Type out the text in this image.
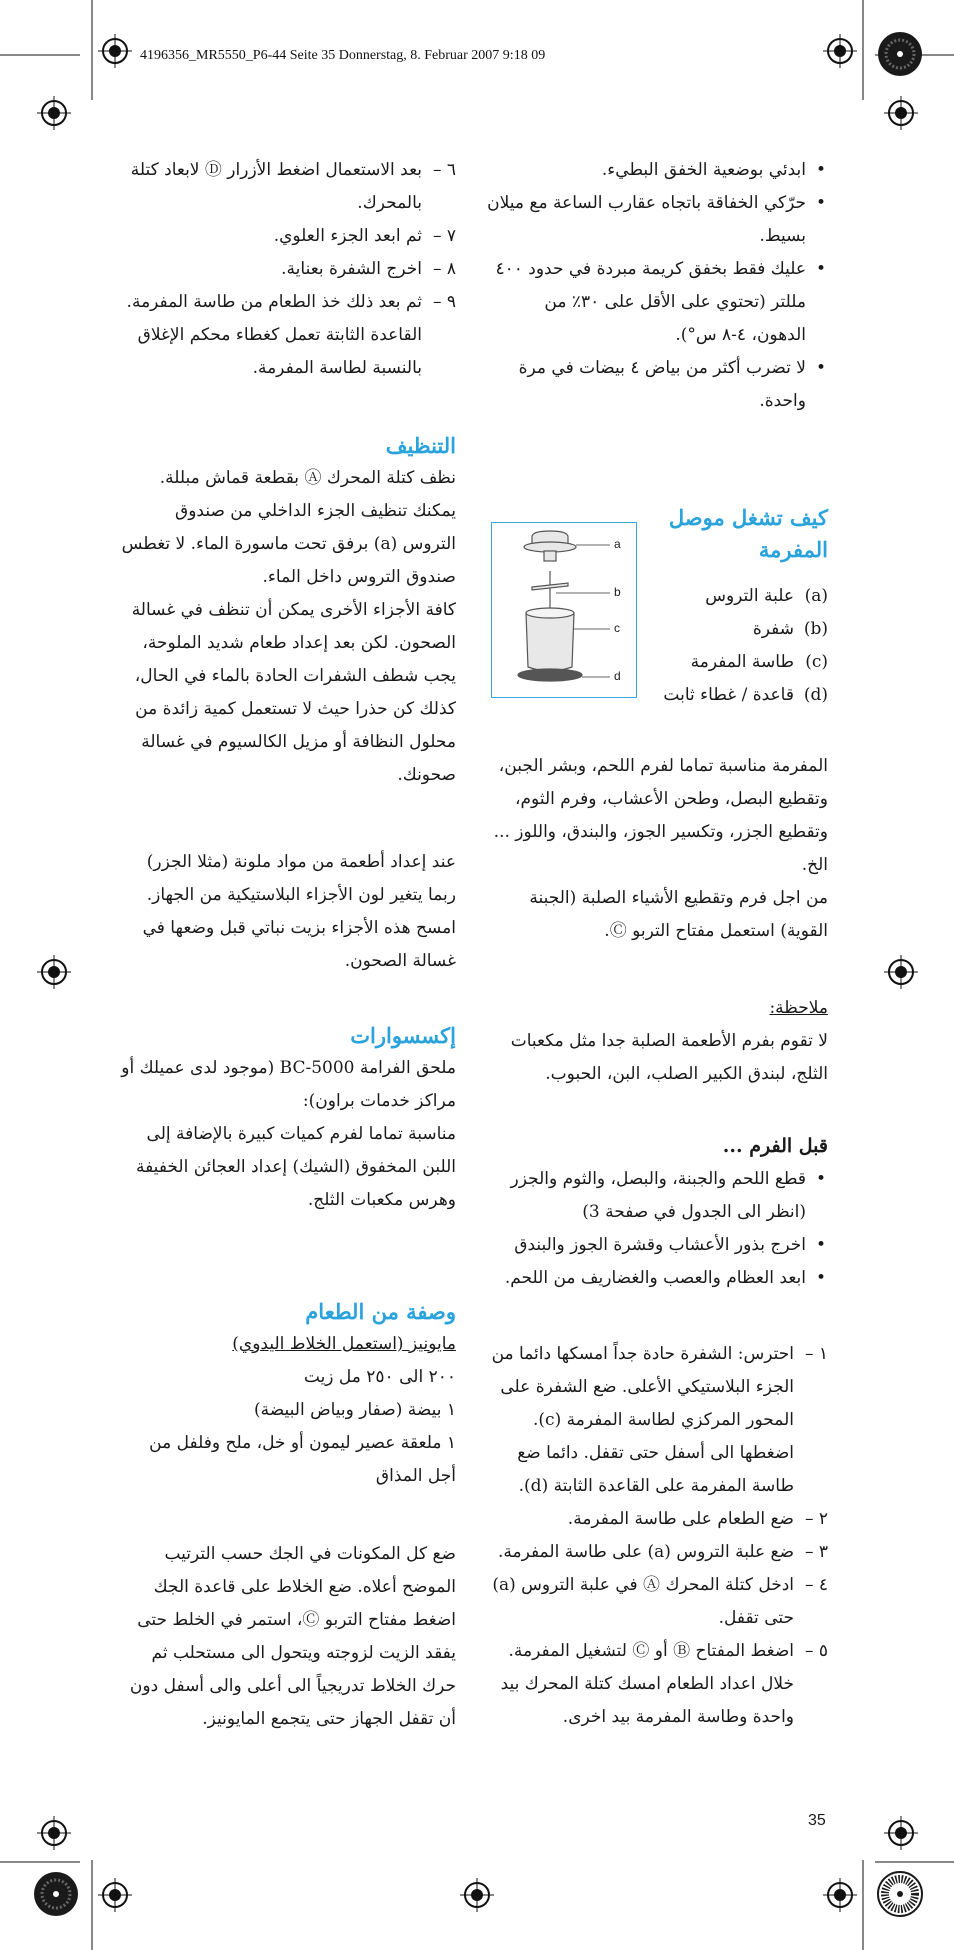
4196356_MR5550_P6-44 Seite 35 Donnerstag, 8. Februar 2007 9:18 09
• ابدئي بوضعية الخفق البطيء.
• حرّكي الخفاقة باتجاه عقارب الساعة مع ميلان بسيط.
• عليك فقط بخفق كريمة مبردة في حدود ٤٠٠ مللتر (تحتوي على الأقل على ٣٠٪ من الدهون، ٤-٨ س°).
• لا تضرب أكثر من بياض ٤ بيضات في مرة واحدة.
كيف تشغل موصل المفرمة
(a)
علبة التروس
(b)
شفرة
(c)
طاسة المفرمة
(d)
قاعدة / غطاء ثابت

المفرمة مناسبة تماما لفرم اللحم، وبشر الجبن، وتقطيع البصل، وطحن الأعشاب، وفرم الثوم، وتقطيع الجزر، وتكسير الجوز، والبندق، واللوز ... الخ.

من اجل فرم وتقطيع الأشياء الصلبة (الجبنة القوية) استعمل مفتاح التربو Ⓒ.

ملاحظة:

لا تقوم بفرم الأطعمة الصلبة جدا مثل مكعبات الثلج، لبندق الكبير الصلب، البن، الحبوب.

قبل الفرم ...

• قطع اللحم والجبنة، والبصل، والثوم والجزر (انظر الى الجدول في صفحة 3)
• اخرج بذور الأعشاب وقشرة الجوز والبندق
• ابعد العظام والعصب والغضاريف من اللحم.
١ –
احترس: الشفرة حادة جداً امسكها دائما من الجزء البلاستيكي الأعلى. ضع الشفرة على المحور المركزي لطاسة المفرمة (c). اضغطها الى أسفل حتى تقفل. دائما ضع طاسة المفرمة على القاعدة الثابتة (d).
٢ –
ضع الطعام على طاسة المفرمة.
٣ –
ضع علبة التروس (a) على طاسة المفرمة.
٤ –
ادخل كتلة المحرك Ⓐ في علبة التروس (a) حتى تقفل.
٥ –
اضغط المفتاح Ⓑ أو Ⓒ لتشغيل المفرمة. خلال اعداد الطعام امسك كتلة المحرك بيد واحدة وطاسة المفرمة بيد اخرى.
a
b
c
d
٦ –
بعد الاستعمال اضغط الأزرار Ⓓ لابعاد كتلة بالمحرك.
٧ –
ثم ابعد الجزء العلوي.
٨ –
اخرج الشفرة بعناية.
٩ –
ثم بعد ذلك خذ الطعام من طاسة المفرمة. القاعدة الثابتة تعمل كغطاء محكم الإغلاق بالنسبة لطاسة المفرمة.

التنظيف

نظف كتلة المحرك Ⓐ بقطعة قماش مبللة. يمكنك تنظيف الجزء الداخلي من صندوق التروس (a) برفق تحت ماسورة الماء. لا تغطس صندوق التروس داخل الماء.

كافة الأجزاء الأخرى يمكن أن تنظف في غسالة الصحون. لكن بعد إعداد طعام شديد الملوحة، يجب شطف الشفرات الحادة بالماء في الحال، كذلك كن حذرا حيث لا تستعمل كمية زائدة من محلول النظافة أو مزيل الكالسيوم في غسالة صحونك.

عند إعداد أطعمة من مواد ملونة (مثلا الجزر) ربما يتغير لون الأجزاء البلاستيكية من الجهاز. امسح هذه الأجزاء بزيت نباتي قبل وضعها في غسالة الصحون.

إكسسوارات

ملحق الفرامة BC-5000 (موجود لدى عميلك أو مراكز خدمات براون):

مناسبة تماما لفرم كميات كبيرة بالإضافة إلى اللبن المخفوق (الشيك) إعداد العجائن الخفيفة وهرس مكعبات الثلج.

وصفة من الطعام

مايونيز (استعمل الخلاط اليدوي)

٢٠٠ الى ٢٥٠ مل زيت

١ بيضة (صفار وبياض البيضة)

١ ملعقة عصير ليمون أو خل، ملح وفلفل من أجل المذاق

ضع كل المكونات في الجك حسب الترتيب الموضح أعلاه. ضع الخلاط على قاعدة الجك اضغط مفتاح التربو Ⓒ، استمر في الخلط حتى يفقد الزيت لزوجته ويتحول الى مستحلب ثم حرك الخلاط تدريجياً الى أعلى والى أسفل دون أن تقفل الجهاز حتى يتجمع المايونيز.

35
